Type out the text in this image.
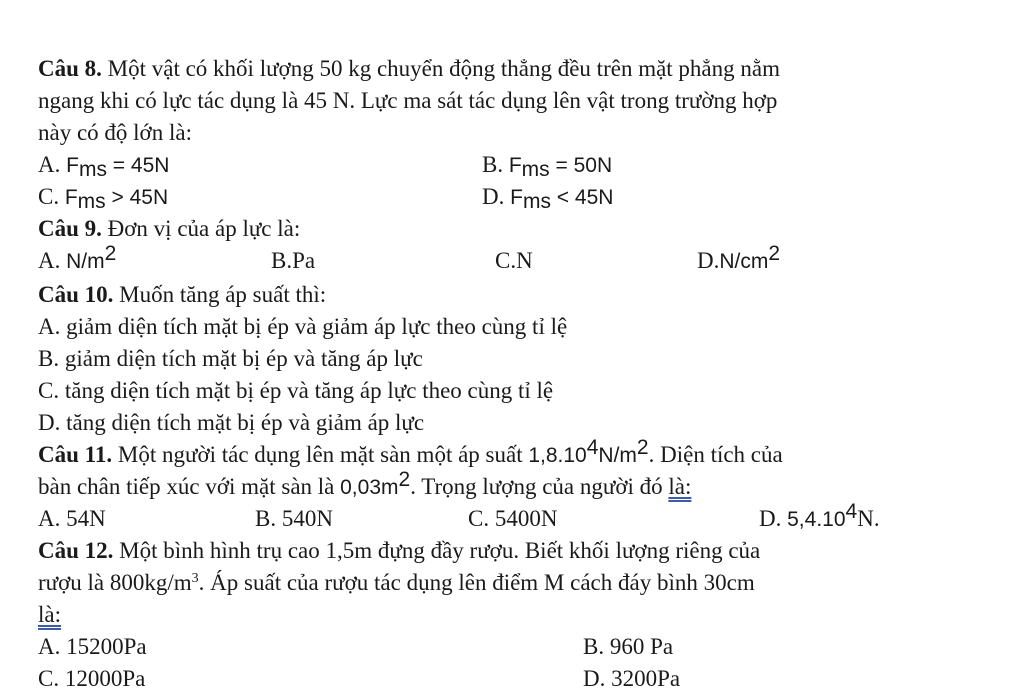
Câu 8. Một vật có khối lượng 50 kg chuyển động thẳng đều trên mặt phẳng nằm
ngang khi có lực tác dụng là 45 N. Lực ma sát tác dụng lên vật trong trường hợp
này có độ lớn là:
A. $F_{ms} = 45N$	B. $F_{ms} = 50N$
C. $F_{ms} > 45N$	D. $F_{ms} < 45N$
Câu 9. Đơn vị của áp lực là:
A. $N/m^2$	B.Pa	C.N	$D.N/cm^2$
Câu 10. Muốn tăng áp suất thì:
A. giảm diện tích mặt bị ép và giảm áp lực theo cùng tỉ lệ
B. giảm diện tích mặt bị ép và tăng áp lực
C. tăng diện tích mặt bị ép và tăng áp lực theo cùng tỉ lệ
D. tăng diện tích mặt bị ép và giảm áp lực
Câu 11. Một người tác dụng lên mặt sàn một áp suất $1,8.10^4N/m^2$. Diện tích của
bàn chân tiếp xúc với mặt sàn là $0,03m^2$. Trọng lượng của người đó là:
A. 54N	B. 540N	C. 5400N	D. 5,4.10$^4$N.
Câu 12. Một bình hình trụ cao 1,5m đựng đầy rượu. Biết khối lượng riêng của
rượu là $800kg/m^3$. Áp suất của rượu tác dụng lên điểm M cách đáy bình 30cm
là:
A. 15200Pa	B. 960 Pa
C. 12000Pa	D. 3200Pa
